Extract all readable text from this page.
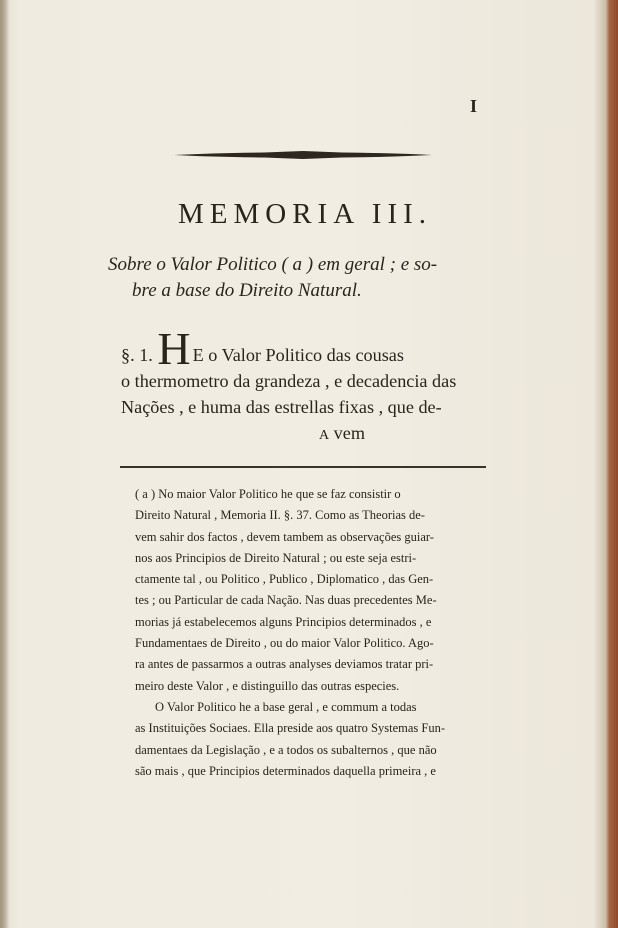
I
MEMORIA III.
Sobre o Valor Politico ( a ) em geral ; e so-
bre a base do Direito Natural.
§. 1. H E o Valor Politico das cousas
o thermometro da grandeza , e decadencia das
Nações , e huma das estrellas fixas , que de-
A vem
( a ) No maior Valor Politico he que se faz consistir o
Direito Natural , Memoria II. §. 37. Como as Theorias de-
vem sahir dos factos , devem tambem as observações guiar-
nos aos Principios de Direito Natural ; ou este seja estri-
ctamente tal , ou Politico , Publico , Diplomatico , das Gen-
tes ; ou Particular de cada Nação. Nas duas precedentes Me-
morias já estabelecemos alguns Principios determinados , e
Fundamentaes de Direito , ou do maior Valor Politico. Ago-
ra antes de passarmos a outras analyses deviamos tratar pri-
meiro deste Valor , e distinguillo das outras especies.
O Valor Politico he a base geral , e commum a todas
as Instituições Sociaes. Ella preside aos quatro Systemas Fun-
damentaes da Legislação , e a todos os subalternos , que não
são mais , que Principios determinados daquella primeira , e
